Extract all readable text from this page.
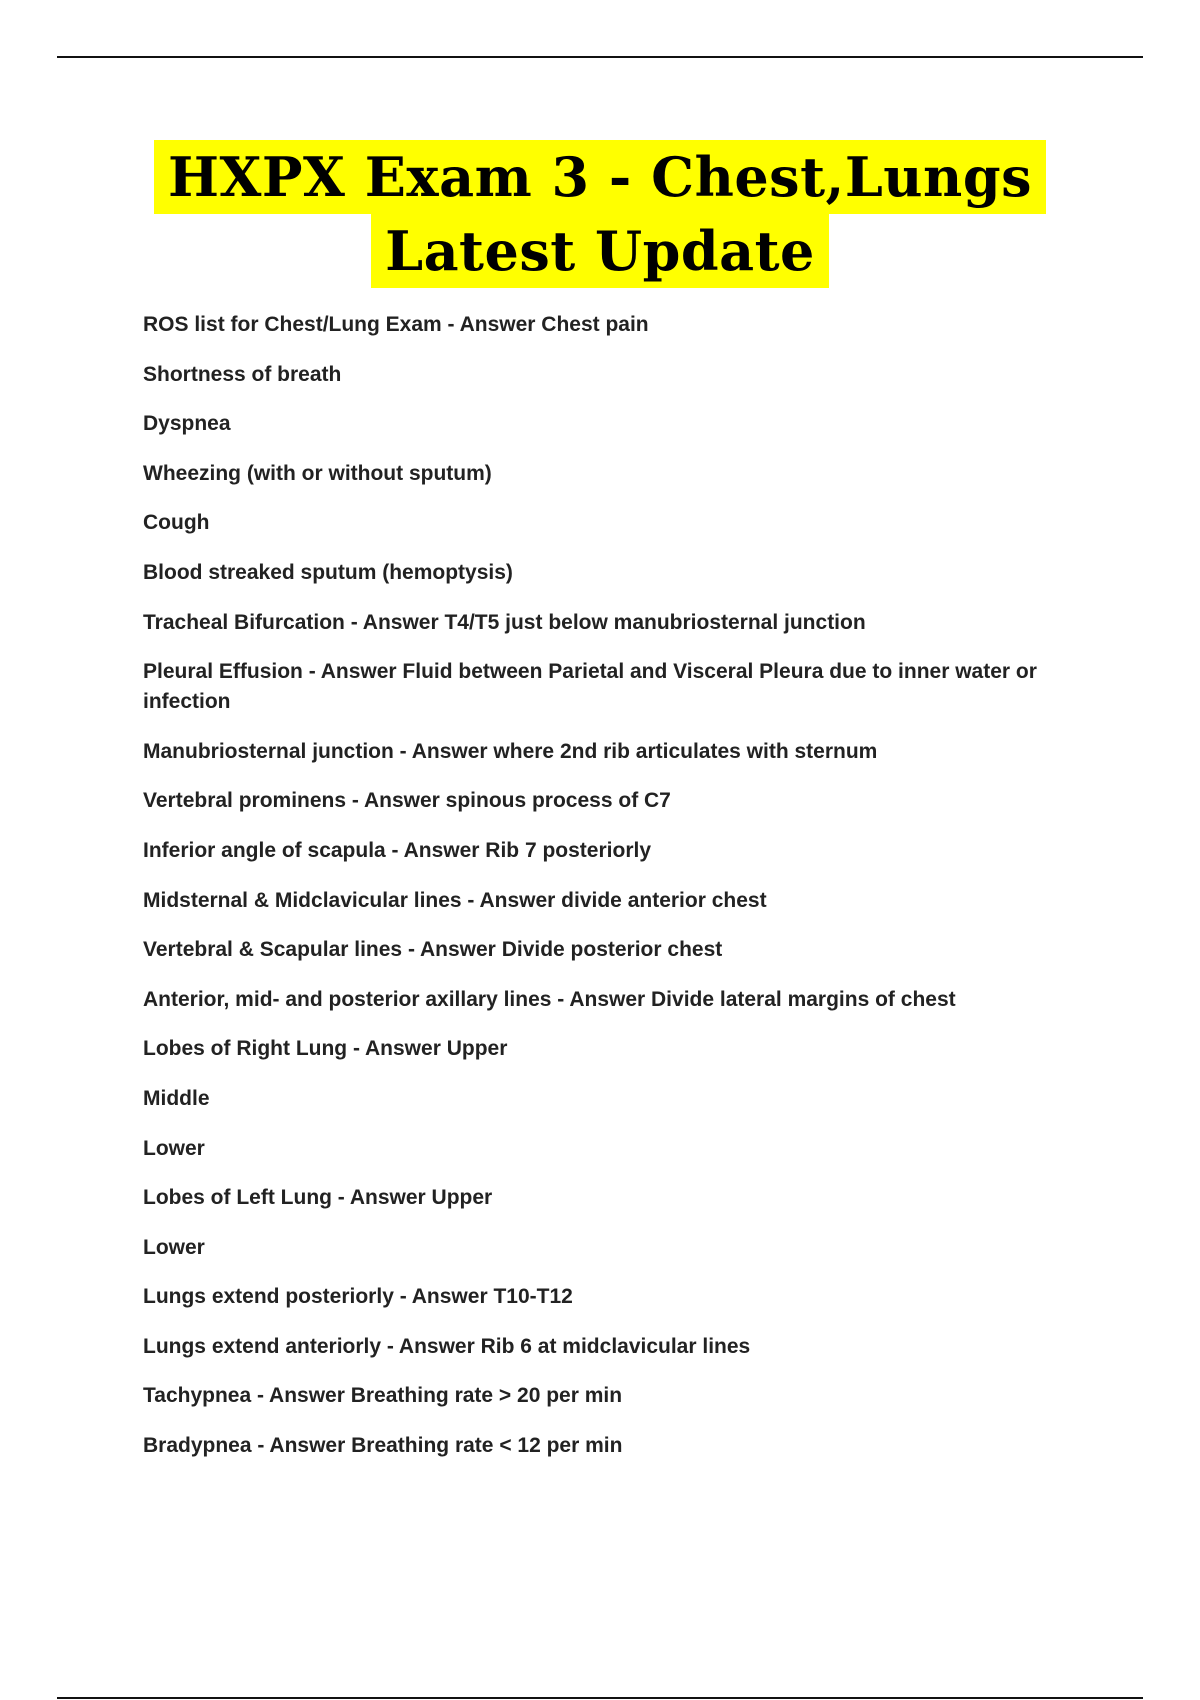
HXPX Exam 3 - Chest,Lungs
Latest Update
ROS list for Chest/Lung Exam - Answer Chest pain
Shortness of breath
Dyspnea
Wheezing (with or without sputum)
Cough
Blood streaked sputum (hemoptysis)
Tracheal Bifurcation - Answer T4/T5 just below manubriosternal junction
Pleural Effusion - Answer Fluid between Parietal and Visceral Pleura due to inner water or infection
Manubriosternal junction - Answer where 2nd rib articulates with sternum
Vertebral prominens - Answer spinous process of C7
Inferior angle of scapula - Answer Rib 7 posteriorly
Midsternal & Midclavicular lines - Answer divide anterior chest
Vertebral & Scapular lines - Answer Divide posterior chest
Anterior, mid- and posterior axillary lines - Answer Divide lateral margins of chest
Lobes of Right Lung - Answer Upper
Middle
Lower
Lobes of Left Lung - Answer Upper
Lower
Lungs extend posteriorly - Answer T10-T12
Lungs extend anteriorly - Answer Rib 6 at midclavicular lines
Tachypnea - Answer Breathing rate > 20 per min
Bradypnea - Answer Breathing rate < 12 per min
